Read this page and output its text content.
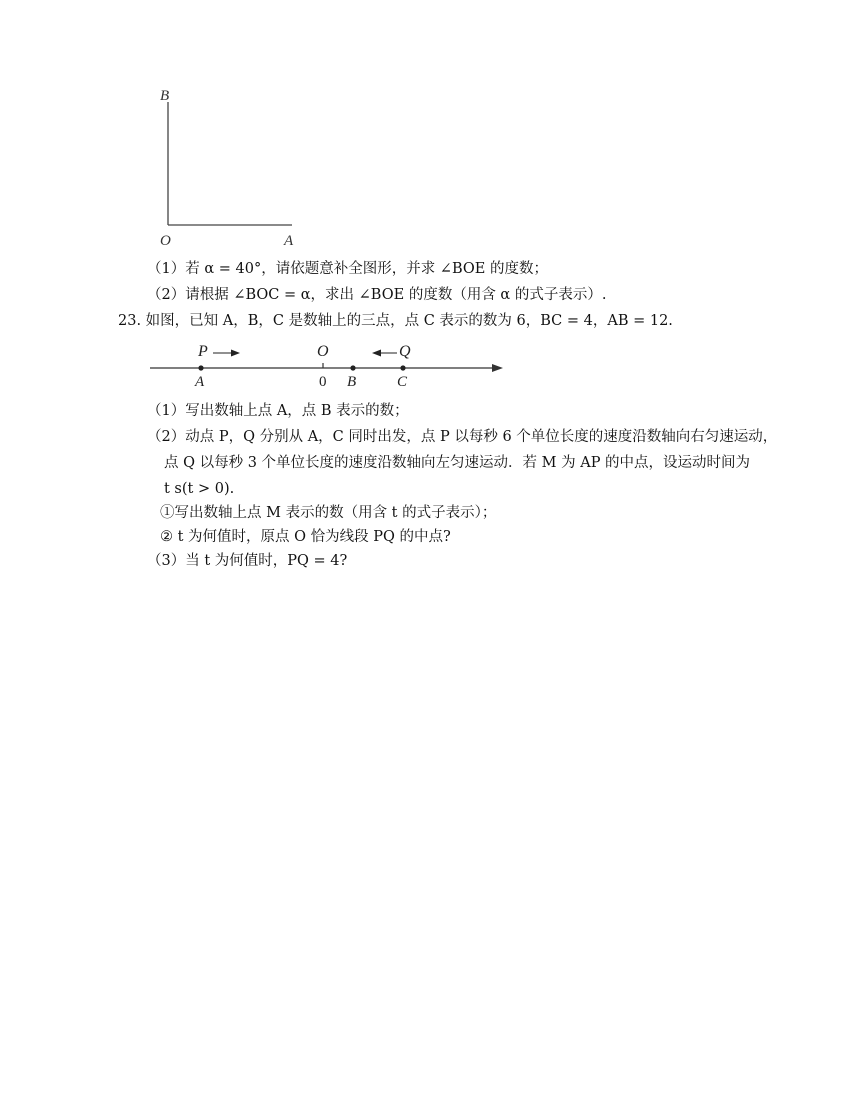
B
O	A
（1）若 α = 40°，请依题意补全图形，并求 ∠BOE 的度数；
（2）请根据 ∠BOC = α，求出 ∠BOE 的度数（用含 α 的式子表示）.
23. 如图，已知 A，B，C 是数轴上的三点，点 C 表示的数为 6，BC = 4，AB = 12.
P	O	Q
A	0 B	C
（1）写出数轴上点 A，点 B 表示的数；
（2）动点 P，Q 分别从 A，C 同时出发，点 P 以每秒 6 个单位长度的速度沿数轴向右匀速运动，
点 Q 以每秒 3 个单位长度的速度沿数轴向左匀速运动．若 M 为 AP 的中点，设运动时间为
t s(t > 0).
①写出数轴上点 M 表示的数（用含 t 的式子表示）；
② t 为何值时，原点 O 恰为线段 PQ 的中点?
（3）当 t 为何值时，PQ = 4?
